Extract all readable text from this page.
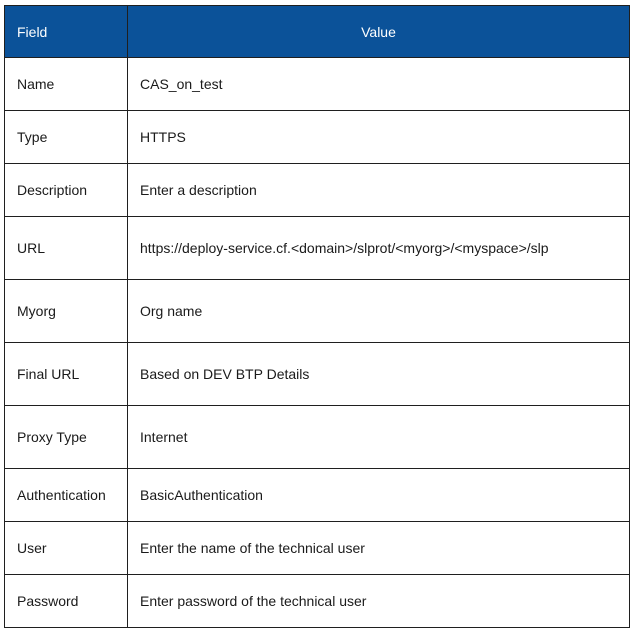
Field	Value
Name	CAS_on_test
Type	HTTPS
Description	Enter a description
URL	https://deploy-service.cf.<domain>/slprot/<myorg>/<myspace>/slp
Myorg	Org name
Final URL	Based on DEV BTP Details
Proxy Type	Internet
Authentication	BasicAuthentication
User	Enter the name of the technical user
Password	Enter password of the technical user
